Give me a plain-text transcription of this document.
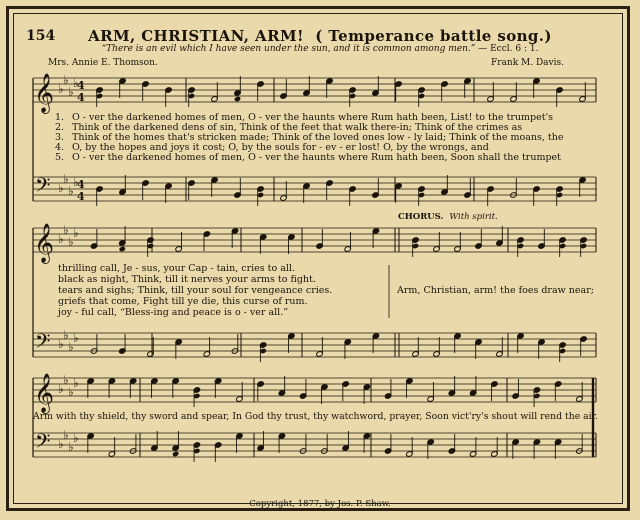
𝄞
𝄢
♭
♭
♭
♭
♭
♭
♭
♭
4
4
4
4
𝄞
𝄢
♭
♭
♭
♭
♭
♭
♭
♭
𝄞
𝄢
♭
♭
♭
♭
♭
♭
♭
♭
154	ARM, CHRISTIAN, ARM! ( Temperance battle song.)
“There is an evil which I have seen under the sun, and it is common among men.” — Eccl. 6 : 1.
Mrs. Annie E. Thomson.	Frank M. Davis.
1.
2.
3.
4.
5.
O - ver the darkened homes of men, O - ver the haunts where Rum hath been, List! to the trumpet's
Think of the darkened dens of sin, Think of the feet that walk there-in; Think of the crimes as
Think of the homes that's stricken made; Think of the loved ones low - ly laid; Think of the moans, the
O, by the hopes and joys it cost; O, by the souls for - ev - er lost! O, by the wrongs, and
O - ver the darkened homes of men, O - ver the haunts where Rum hath been, Soon shall the trumpet
thrilling call, Je - sus, your Cap - tain, cries to all.
black as night, Think, till it nerves your arms to fight.
tears and sighs; Think, till your soul for vengeance cries.
griefs that come, Fight till ye die, this curse of rum.
joy - ful call, “Bless-ing and peace is o - ver all.”
CHORUS. With spirit.
Arm, Christian, arm! the foes draw near;
Arm with thy shield, thy sword and spear, In God thy trust, thy watchword, prayer, Soon vict'ry's shout will rend the air.
Copyright, 1877, by Jos. P. Shaw.
